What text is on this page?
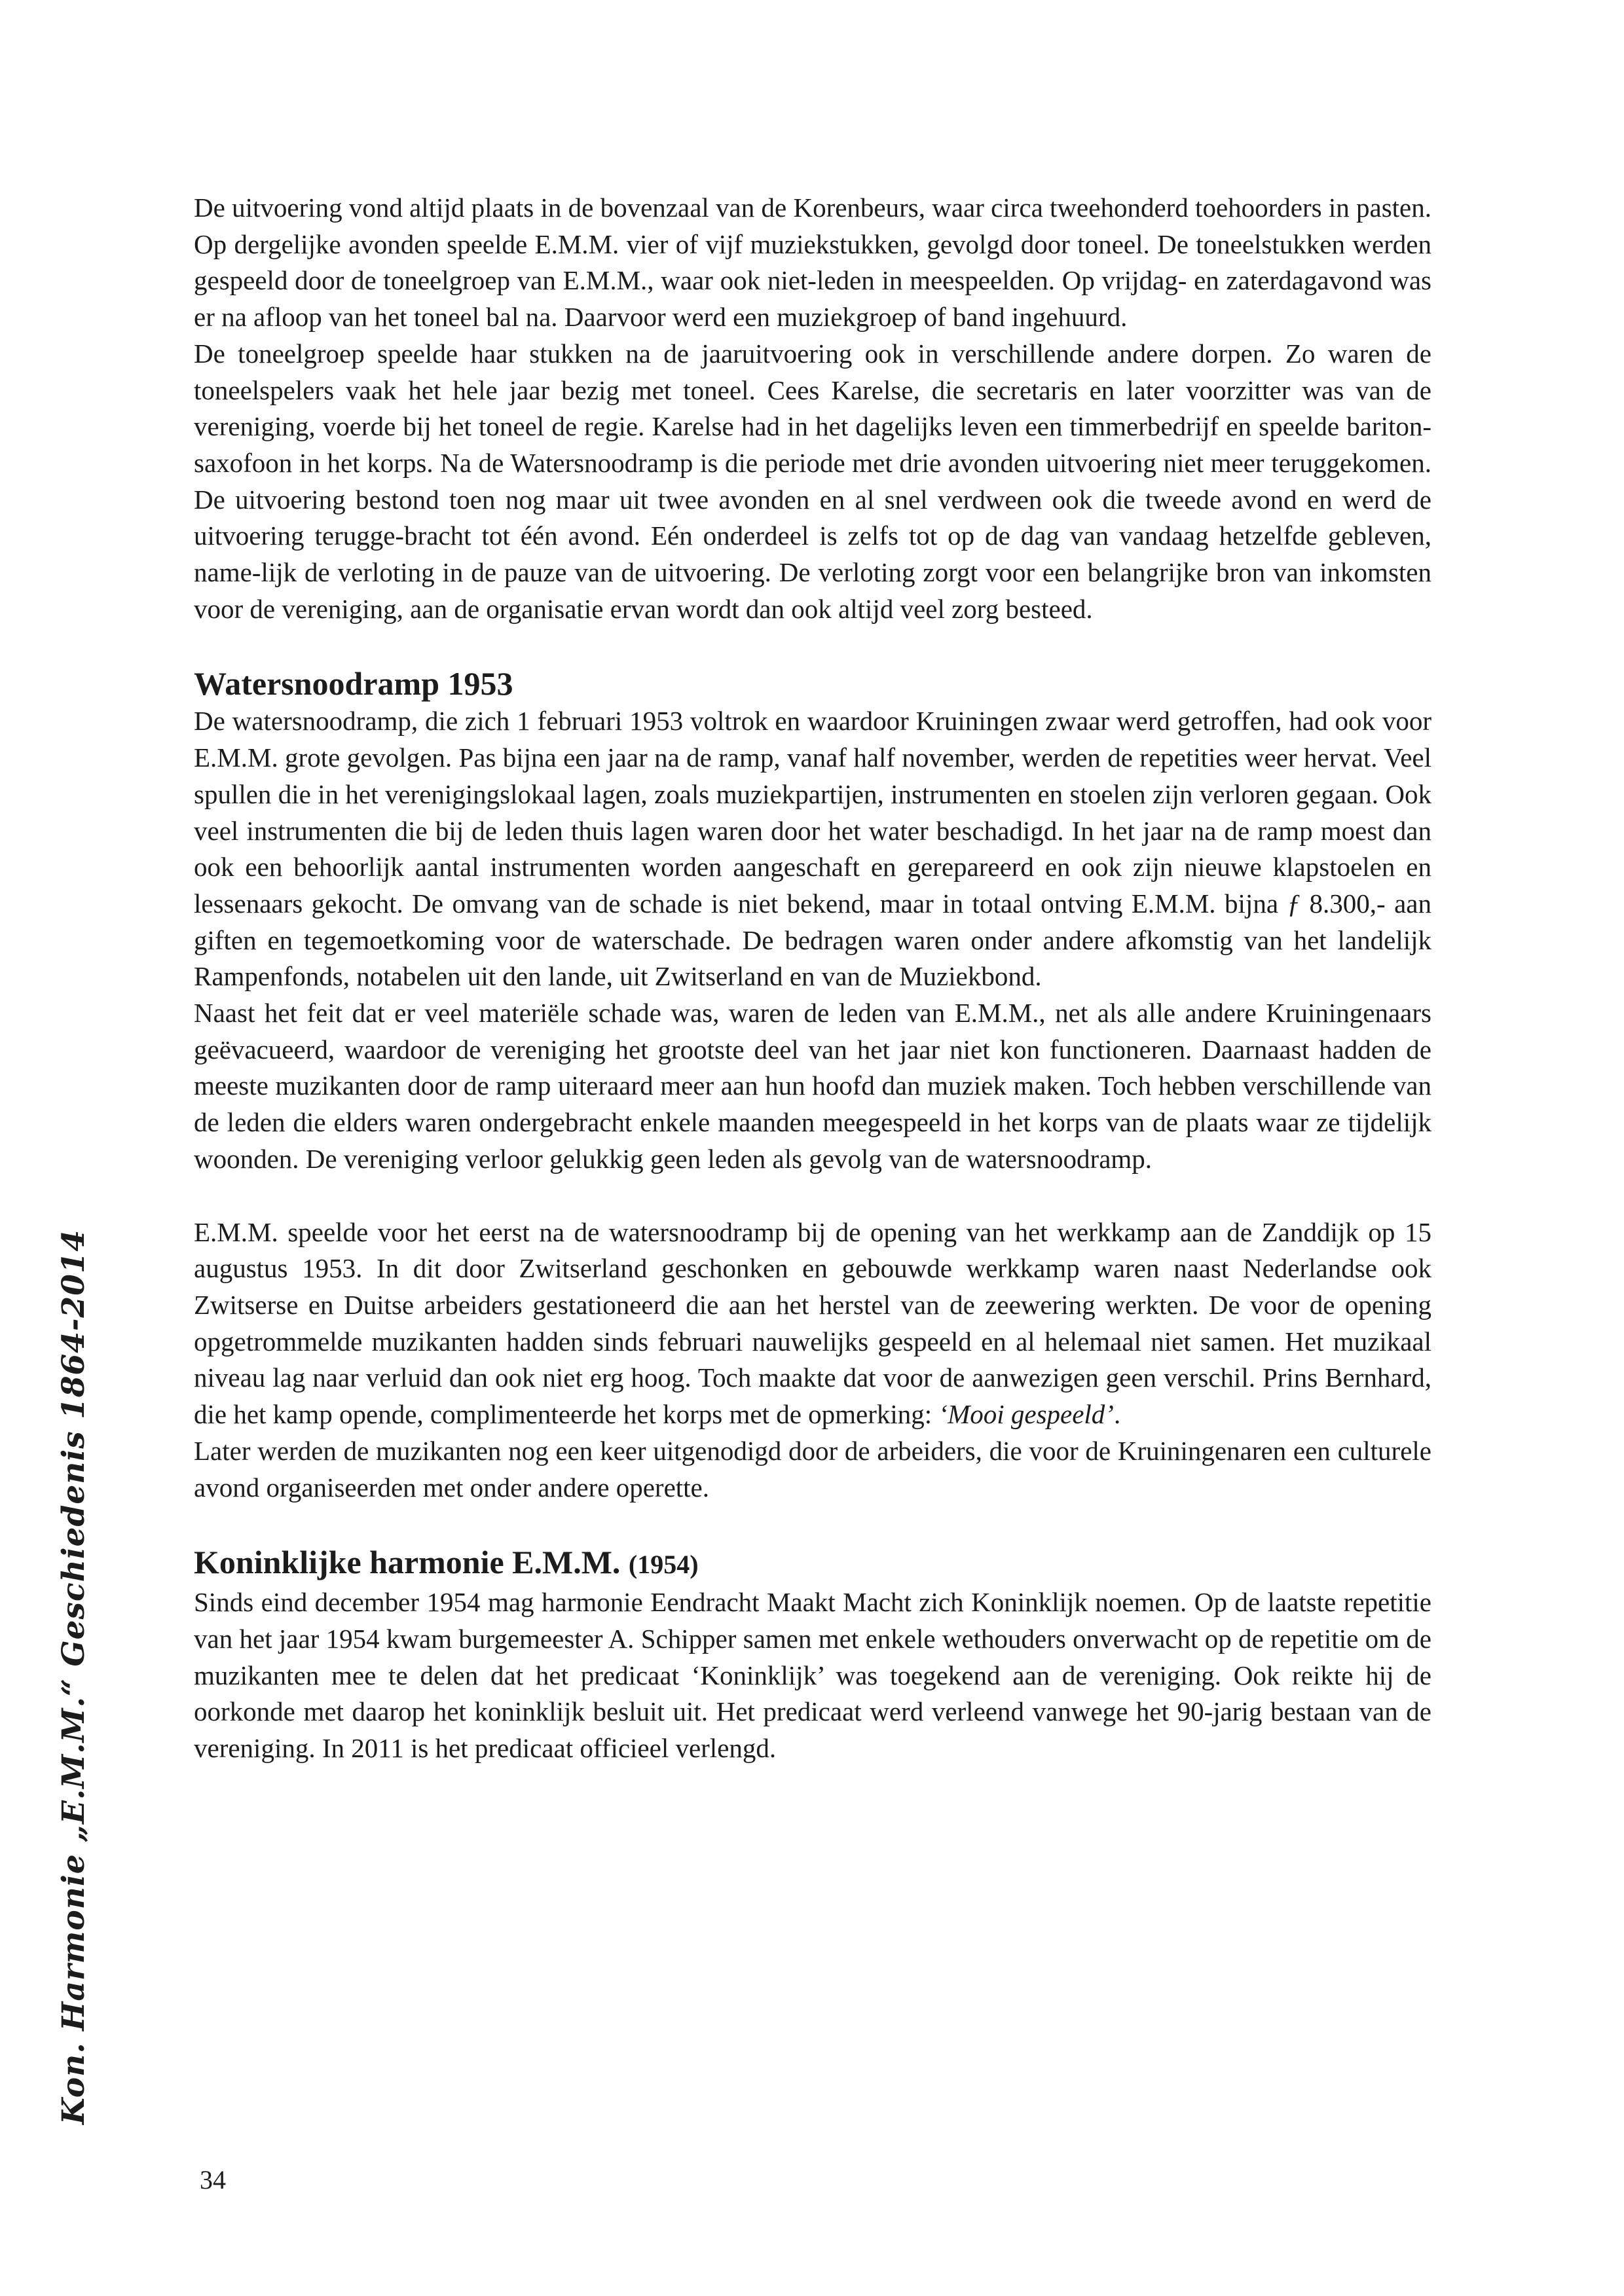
De uitvoering vond altijd plaats in de bovenzaal van de Korenbeurs, waar circa tweehonderd toehoorders in pasten. Op dergelijke avonden speelde E.M.M. vier of vijf muziekstukken, gevolgd door toneel. De toneelstukken werden gespeeld door de toneelgroep van E.M.M., waar ook niet-leden in meespeelden. Op vrijdag- en zaterdagavond was er na afloop van het toneel bal na. Daarvoor werd een muziekgroep of band ingehuurd.

De toneelgroep speelde haar stukken na de jaaruitvoering ook in verschillende andere dorpen. Zo waren de toneelspelers vaak het hele jaar bezig met toneel. Cees Karelse, die secretaris en later voorzitter was van de vereniging, voerde bij het toneel de regie. Karelse had in het dagelijks leven een timmerbedrijf en speelde bariton-saxofoon in het korps. Na de Watersnoodramp is die periode met drie avonden uitvoering niet meer teruggekomen. De uitvoering bestond toen nog maar uit twee avonden en al snel verdween ook die tweede avond en werd de uitvoering terugge-bracht tot één avond. Eén onderdeel is zelfs tot op de dag van vandaag hetzelfde gebleven, name-lijk de verloting in de pauze van de uitvoering. De verloting zorgt voor een belangrijke bron van inkomsten voor de vereniging, aan de organisatie ervan wordt dan ook altijd veel zorg besteed.

Watersnoodramp 1953

De watersnoodramp, die zich 1 februari 1953 voltrok en waardoor Kruiningen zwaar werd getroffen, had ook voor E.M.M. grote gevolgen. Pas bijna een jaar na de ramp, vanaf half november, werden de repetities weer hervat. Veel spullen die in het verenigingslokaal lagen, zoals muziekpartijen, instrumenten en stoelen zijn verloren gegaan. Ook veel instrumenten die bij de leden thuis lagen waren door het water beschadigd. In het jaar na de ramp moest dan ook een behoorlijk aantal instrumenten worden aangeschaft en gerepareerd en ook zijn nieuwe klapstoelen en lessenaars gekocht. De omvang van de schade is niet bekend, maar in totaal ontving E.M.M. bijna ƒ 8.300,- aan giften en tegemoetkoming voor de waterschade. De bedragen waren onder andere afkomstig van het landelijk Rampenfonds, notabelen uit den lande, uit Zwitserland en van de Muziekbond.

Naast het feit dat er veel materiële schade was, waren de leden van E.M.M., net als alle andere Kruiningenaars geëvacueerd, waardoor de vereniging het grootste deel van het jaar niet kon functioneren. Daarnaast hadden de meeste muzikanten door de ramp uiteraard meer aan hun hoofd dan muziek maken. Toch hebben verschillende van de leden die elders waren ondergebracht enkele maanden meegespeeld in het korps van de plaats waar ze tijdelijk woonden. De vereniging verloor gelukkig geen leden als gevolg van de watersnoodramp.

E.M.M. speelde voor het eerst na de watersnoodramp bij de opening van het werkkamp aan de Zanddijk op 15 augustus 1953. In dit door Zwitserland geschonken en gebouwde werkkamp waren naast Nederlandse ook Zwitserse en Duitse arbeiders gestationeerd die aan het herstel van de zeewering werkten. De voor de opening opgetrommelde muzikanten hadden sinds februari nauwelijks gespeeld en al helemaal niet samen. Het muzikaal niveau lag naar verluid dan ook niet erg hoog. Toch maakte dat voor de aanwezigen geen verschil. Prins Bernhard, die het kamp opende, complimenteerde het korps met de opmerking: ‘Mooi gespeeld’.

Later werden de muzikanten nog een keer uitgenodigd door de arbeiders, die voor de Kruiningenaren een culturele avond organiseerden met onder andere operette.

Koninklijke harmonie E.M.M. (1954)

Sinds eind december 1954 mag harmonie Eendracht Maakt Macht zich Koninklijk noemen. Op de laatste repetitie van het jaar 1954 kwam burgemeester A. Schipper samen met enkele wethouders onverwacht op de repetitie om de muzikanten mee te delen dat het predicaat ‘Koninklijk’ was toegekend aan de vereniging. Ook reikte hij de oorkonde met daarop het koninklijk besluit uit. Het predicaat werd verleend vanwege het 90-jarig bestaan van de vereniging. In 2011 is het predicaat officieel verlengd.

Kon. Harmonie „E.M.M.“ Geschiedenis 1864-2014
34
